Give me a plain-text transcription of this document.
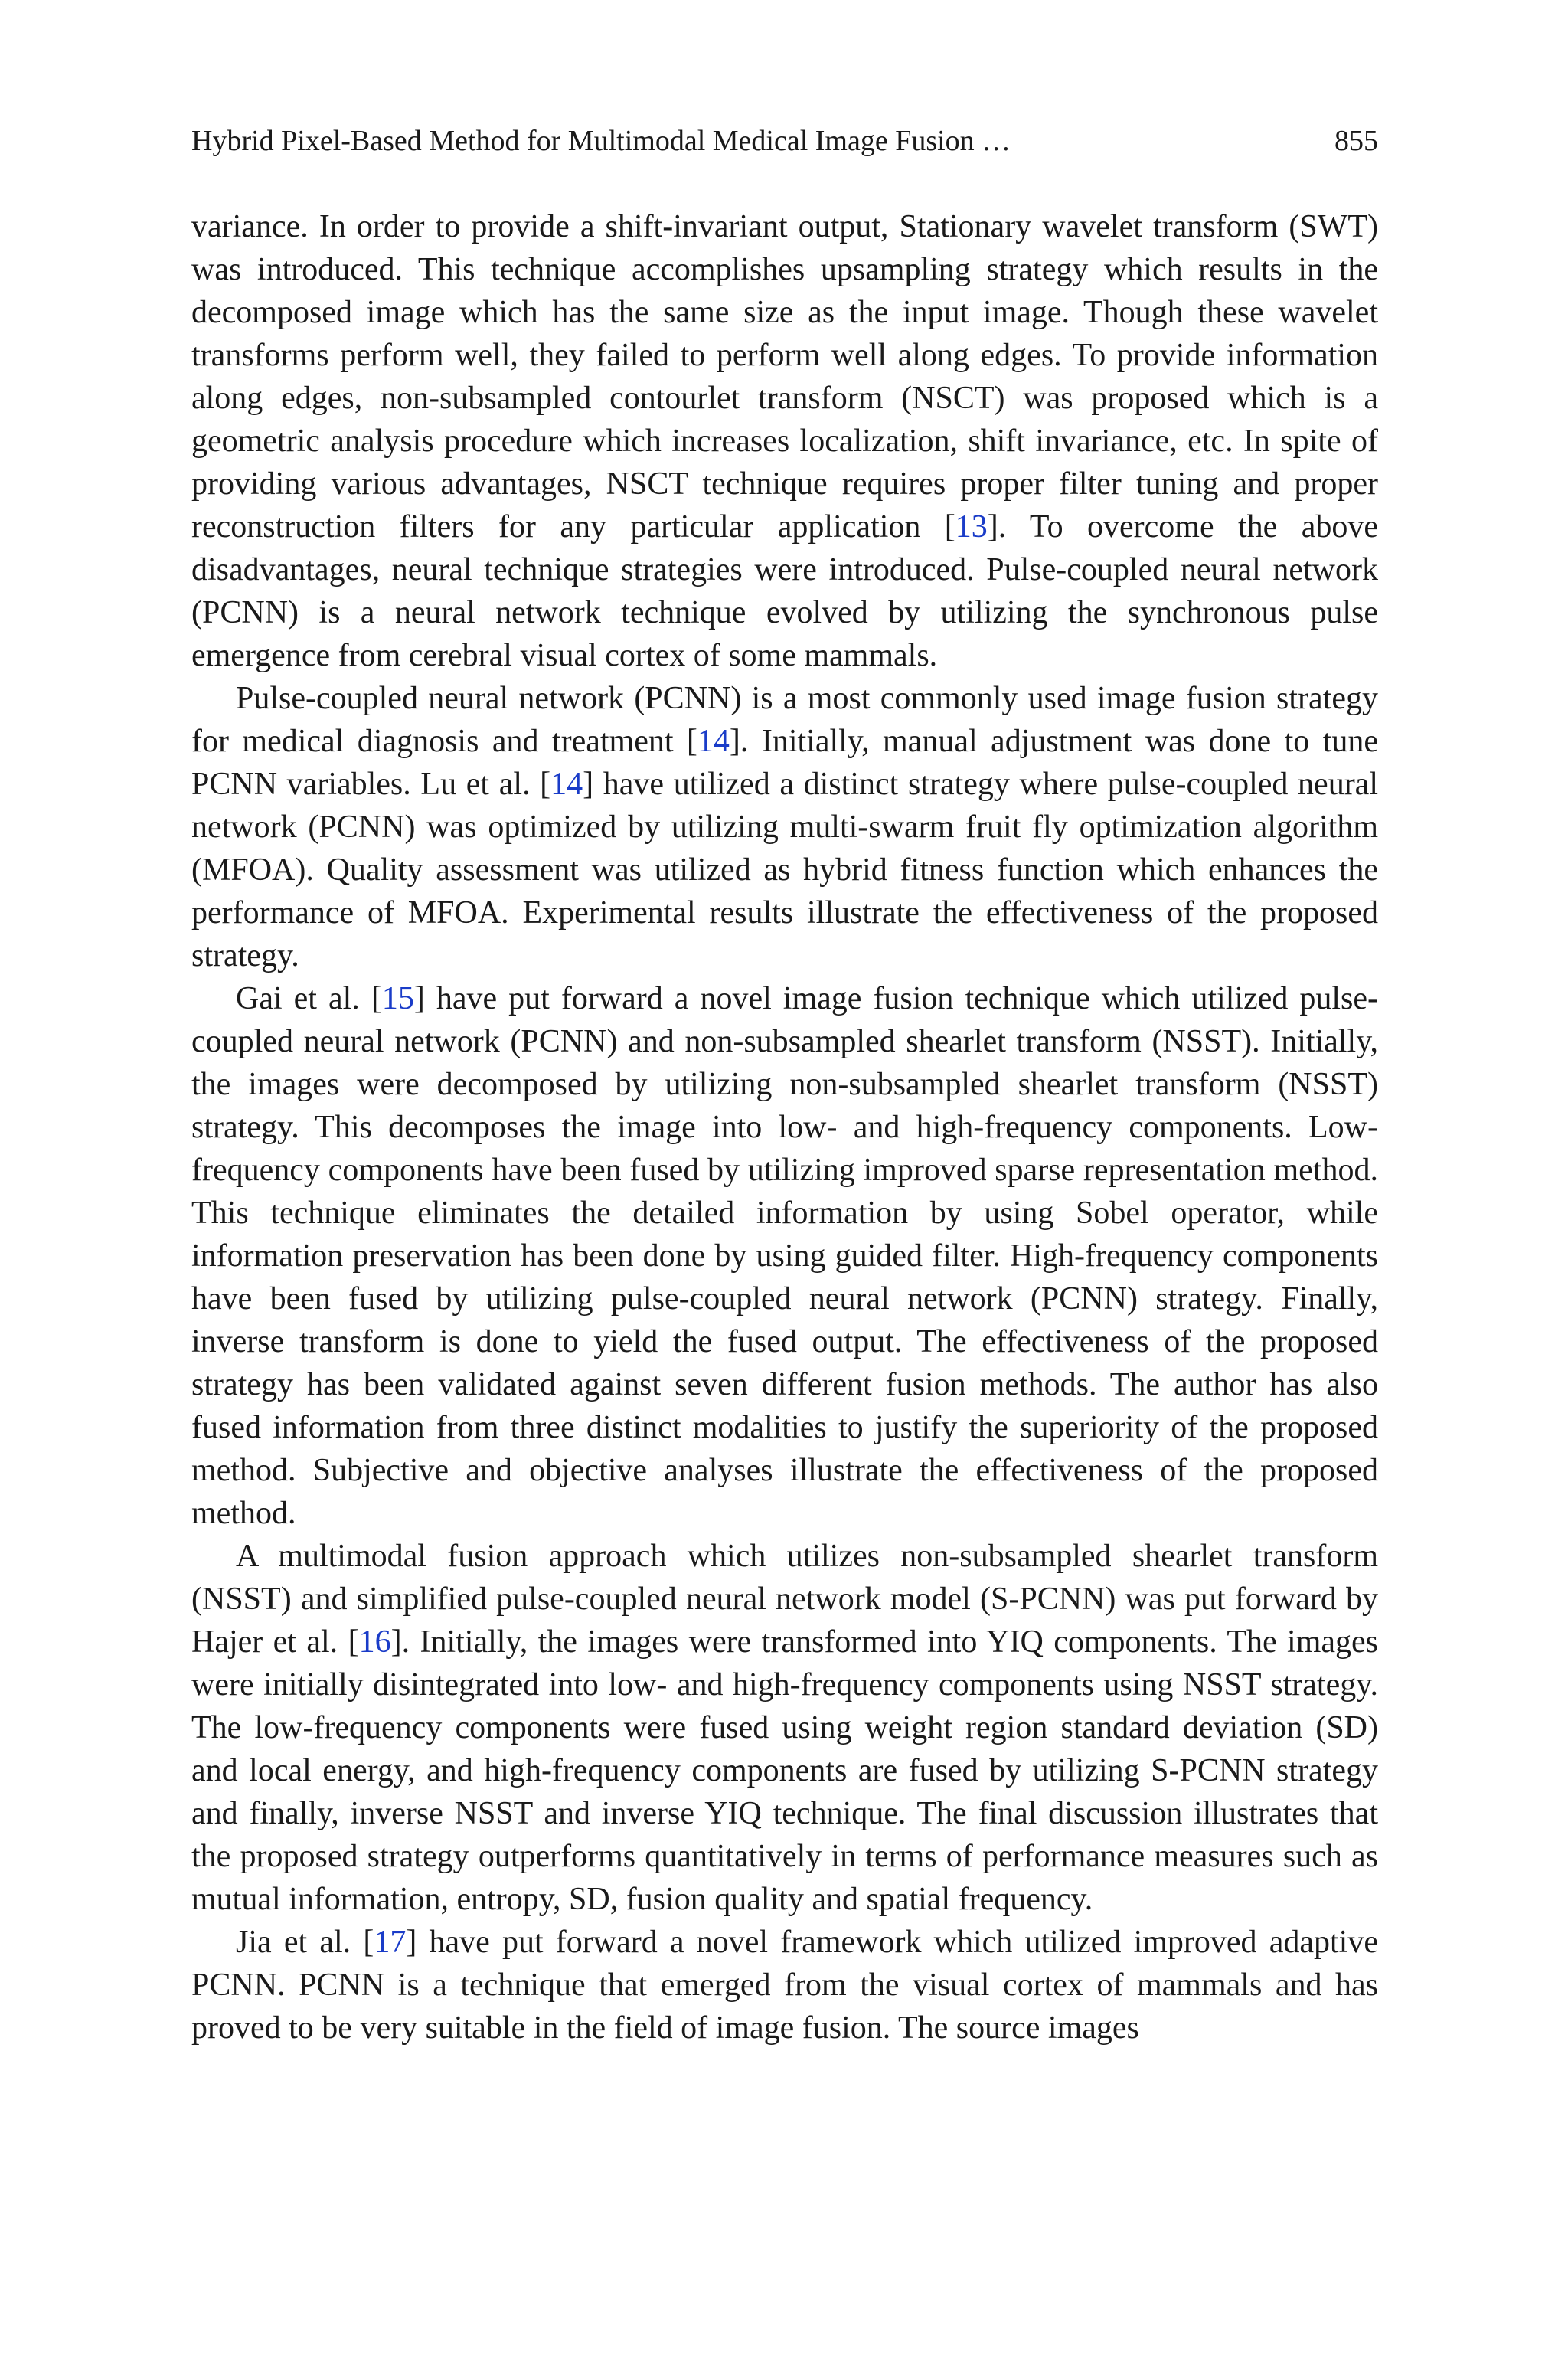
Hybrid Pixel-Based Method for Multimodal Medical Image Fusion …	855

variance. In order to provide a shift-invariant output, Stationary wavelet transform (SWT) was introduced. This technique accomplishes upsampling strategy which results in the decomposed image which has the same size as the input image. Though these wavelet transforms perform well, they failed to perform well along edges. To provide information along edges, non-subsampled contourlet transform (NSCT) was proposed which is a geometric analysis procedure which increases localization, shift invariance, etc. In spite of providing various advantages, NSCT technique requires proper filter tuning and proper reconstruction filters for any particular application [13]. To overcome the above disadvantages, neural technique strategies were introduced. Pulse-coupled neural network (PCNN) is a neural network technique evolved by utilizing the synchronous pulse emergence from cerebral visual cortex of some mammals.

Pulse-coupled neural network (PCNN) is a most commonly used image fusion strategy for medical diagnosis and treatment [14]. Initially, manual adjustment was done to tune PCNN variables. Lu et al. [14] have utilized a distinct strategy where pulse-coupled neural network (PCNN) was optimized by utilizing multi-swarm fruit fly optimization algorithm (MFOA). Quality assessment was utilized as hybrid fitness function which enhances the performance of MFOA. Experimental results illustrate the effectiveness of the proposed strategy.

Gai et al. [15] have put forward a novel image fusion technique which utilized pulse-coupled neural network (PCNN) and non-subsampled shearlet transform (NSST). Initially, the images were decomposed by utilizing non-subsampled shearlet transform (NSST) strategy. This decomposes the image into low- and high-frequency components. Low-frequency components have been fused by utilizing improved sparse representation method. This technique eliminates the detailed information by using Sobel operator, while information preservation has been done by using guided filter. High-frequency components have been fused by utilizing pulse-coupled neural network (PCNN) strategy. Finally, inverse transform is done to yield the fused output. The effectiveness of the proposed strategy has been validated against seven different fusion methods. The author has also fused information from three distinct modalities to justify the superiority of the proposed method. Subjective and objective analyses illustrate the effectiveness of the proposed method.

A multimodal fusion approach which utilizes non-subsampled shearlet transform (NSST) and simplified pulse-coupled neural network model (S-PCNN) was put forward by Hajer et al. [16]. Initially, the images were transformed into YIQ components. The images were initially disintegrated into low- and high-frequency components using NSST strategy. The low-frequency components were fused using weight region standard deviation (SD) and local energy, and high-frequency components are fused by utilizing S-PCNN strategy and finally, inverse NSST and inverse YIQ technique. The final discussion illustrates that the proposed strategy outperforms quantitatively in terms of performance measures such as mutual information, entropy, SD, fusion quality and spatial frequency.

Jia et al. [17] have put forward a novel framework which utilized improved adaptive PCNN. PCNN is a technique that emerged from the visual cortex of mammals and has proved to be very suitable in the field of image fusion. The source images
